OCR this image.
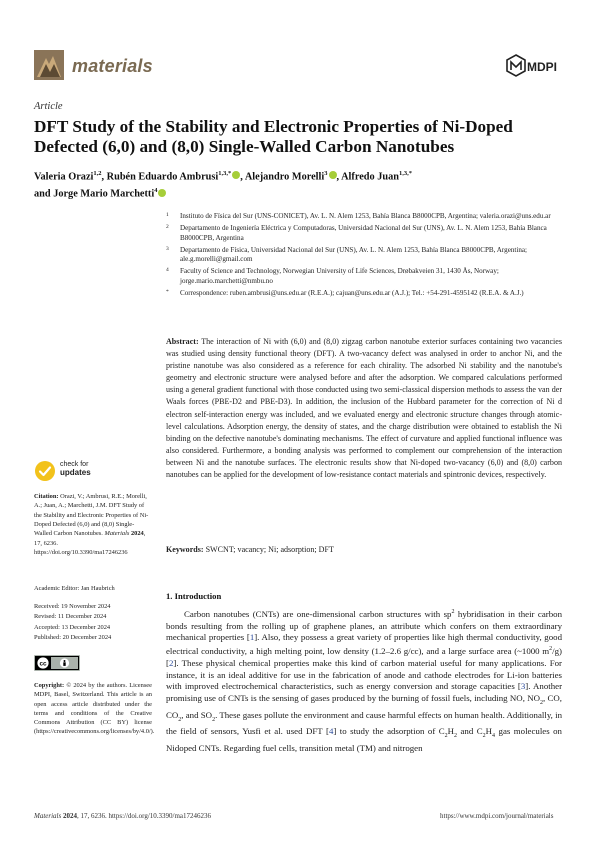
materials	MDPI
Article
DFT Study of the Stability and Electronic Properties of Ni-Doped Defected (6,0) and (8,0) Single-Walled Carbon Nanotubes
Valeria Orazi$^{1,2}$, Rubén Eduardo Ambrusi$^{1,3,*}$ , Alejandro Morelli$^3$ , Alfredo Juan$^{1,3,*}$
and Jorge Mario Marchetti$^4$
1 Instituto de Física del Sur (UNS-CONICET), Av. L. N. Alem 1253, Bahía Blanca B8000CPB, Argentina; valeria.orazi@uns.edu.ar
2 Departamento de Ingeniería Eléctrica y Computadoras, Universidad Nacional del Sur (UNS), Av. L. N. Alem 1253, Bahía Blanca B8000CPB, Argentina
3 Departamento de Física, Universidad Nacional del Sur (UNS), Av. L. N. Alem 1253, Bahía Blanca B8000CPB, Argentina; ale.g.morelli@gmail.com
4 Faculty of Science and Technology, Norwegian University of Life Sciences, Drøbakveien 31, 1430 Ås, Norway; jorge.mario.marchetti@nmbu.no
* Correspondence: ruben.ambrusi@uns.edu.ar (R.E.A.); cajuan@uns.edu.ar (A.J.); Tel.: +54-291-4595142 (R.E.A. & A.J.)
Abstract: The interaction of Ni with (6,0) and (8,0) zigzag carbon nanotube exterior surfaces containing two vacancies was studied using density functional theory (DFT). A two-vacancy defect was analysed in order to anchor Ni, and the pristine nanotube was also considered as a reference for each chirality. The adsorbed Ni stability and the nanotube's geometry and electronic structure were analysed before and after the adsorption. We compared calculations performed using a general gradient functional with those conducted using two semi-classical dispersion methods to assess the van der Waals forces (PBE-D2 and PBE-D3). In addition, the inclusion of the Hubbard parameter for the correction of Ni d electron self-interaction energy was included, and we evaluated energy and electronic structure changes through atomic-level calculations. Adsorption energy, the density of states, and the charge distribution were obtained to establish the Ni binding on the defective nanotube's dominating mechanisms. The effect of curvature and applied functional influence was also considered. Furthermore, a bonding analysis was performed to complement our comprehension of the interaction between Ni and the nanotube surfaces. The electronic results show that Ni-doped two-vacancy (6,0) and (8,0) carbon nanotubes can be applied for the development of low-resistance contact materials and spintronic devices, respectively.
Keywords: SWCNT; vacancy; Ni; adsorption; DFT
check for
updates
Citation: Orazi, V.; Ambrusi, R.E.; Morelli, A.; Juan, A.; Marchetti, J.M. DFT Study of the Stability and Electronic Properties of Ni-Doped Defected (6,0) and (8,0) Single-Walled Carbon Nanotubes. Materials 2024, 17, 6236. https://doi.org/10.3390/ma17246236
Academic Editor: Jan Haubrich
Received: 19 November 2024
Revised: 11 December 2024
Accepted: 13 December 2024
Published: 20 December 2024
cc
Copyright: © 2024 by the authors. Licensee MDPI, Basel, Switzerland. This article is an open access article distributed under the terms and conditions of the Creative Commons Attribution (CC BY) license (https://creativecommons.org/licenses/by/4.0/).
1. Introduction
Carbon nanotubes (CNTs) are one-dimensional carbon structures with $sp^2$ hybridisation in their carbon bonds resulting from the rolling up of graphene planes, an attribute which confers on them extraordinary mechanical properties [1]. Also, they possess a great variety of properties like high thermal conductivity, good electrical conductivity, a high melting point, low density (1.2–2.6 g/cc), and a large surface area (~1000 $m^2/g$) [2]. These physical chemical properties make this kind of carbon material useful for many applications. For instance, it is an ideal additive for use in the fabrication of anode and cathode electrodes for Li-ion batteries with improved electrochemical characteristics, such as energy conversion and storage capacities [3]. Another promising use of CNTs is the sensing of gases produced by the burning of fossil fuels, including NO, $NO_2$, CO, $CO_2$, and $SO_2$. These gases pollute the environment and cause harmful effects on human health. Additionally, in the field of sensors, Yusfi et al. used DFT [4] to study the adsorption of $C_2H_2$ and $C_2H_4$ gas molecules on Nidoped CNTs. Regarding fuel cells, transition metal (TM) and nitrogen
Materials 2024, 17, 6236. https://doi.org/10.3390/ma17246236	https://www.mdpi.com/journal/materials
